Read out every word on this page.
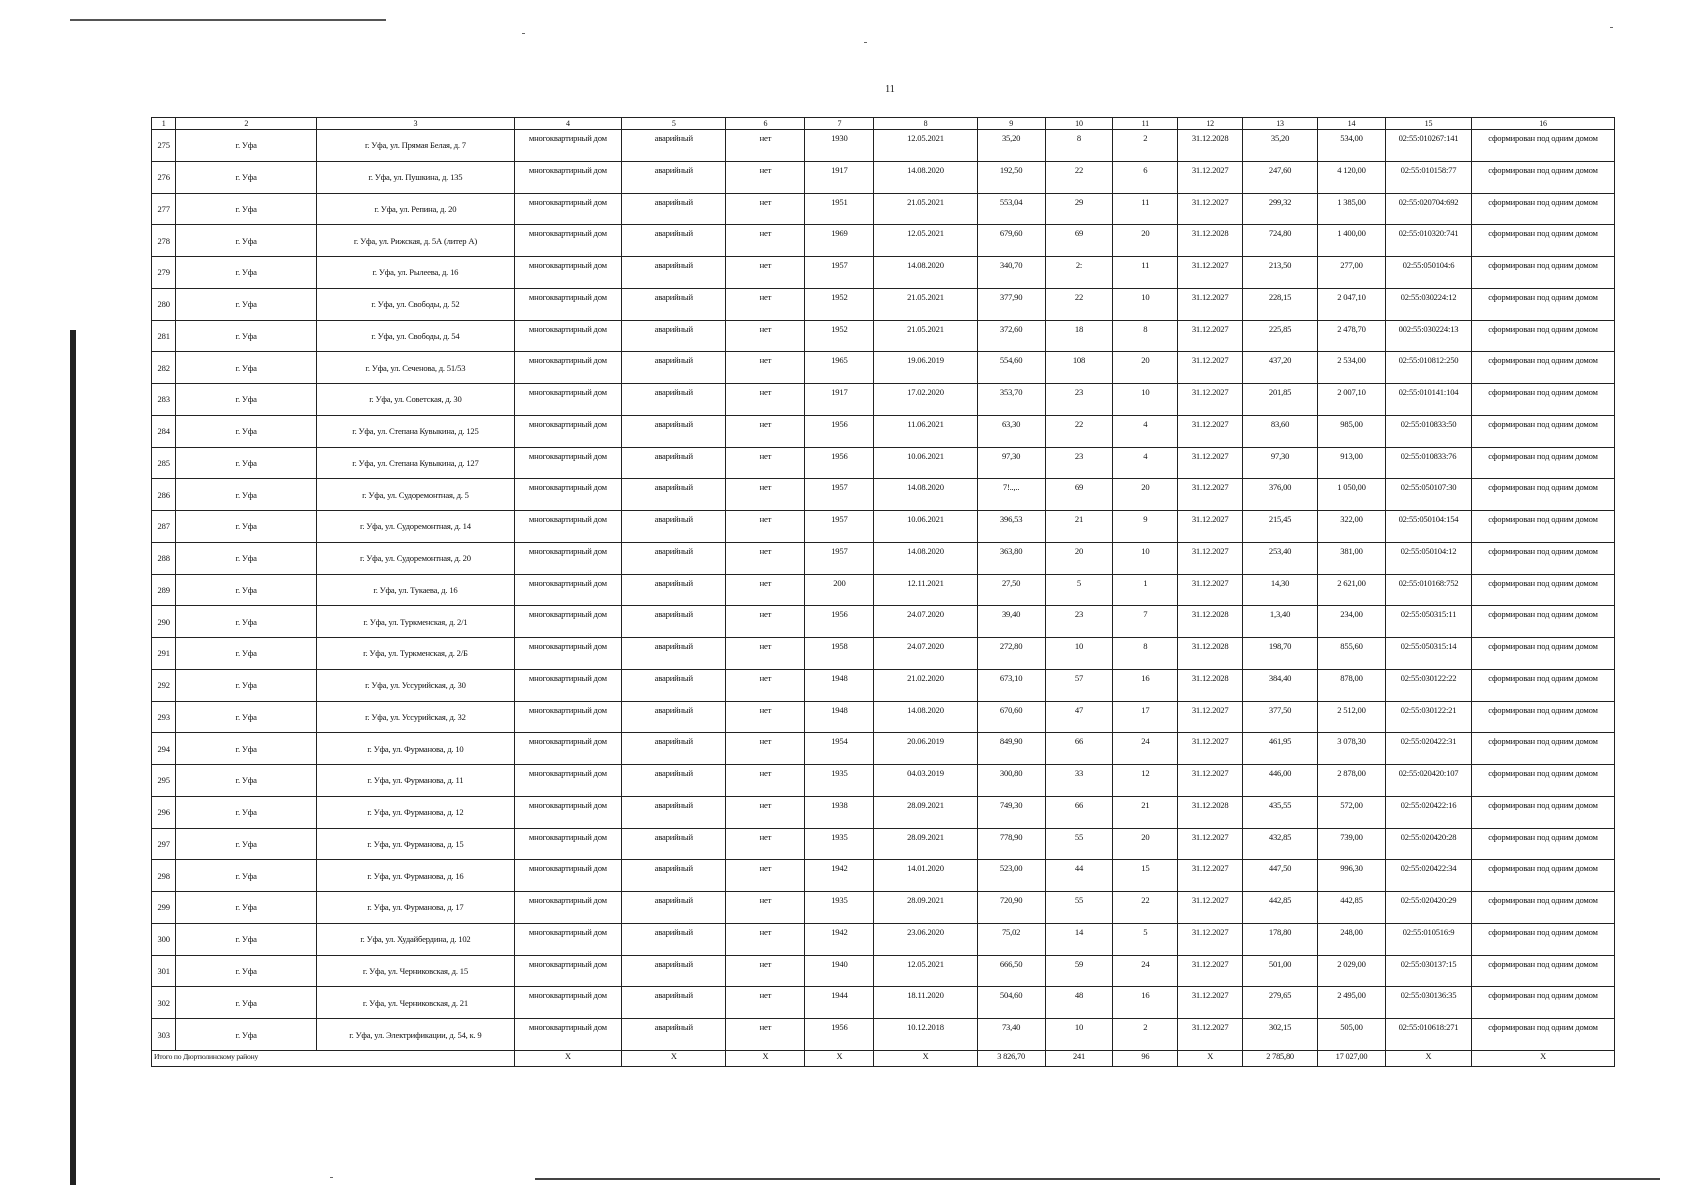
11
1	2	3	4	5	6	7	8	9	10	11	12	13	14	15	16
275	г. Уфа	г. Уфа, ул. Прямая Белая, д. 7	многоквартирный дом	аварийный	нет	1930	12.05.2021	35,20	8	2	31.12.2028	35,20	534,00	02:55:010267:141	сформирован под одним домом
276	г. Уфа	г. Уфа, ул. Пушкина, д. 135	многоквартирный дом	аварийный	нет	1917	14.08.2020	192,50	22	6	31.12.2027	247,60	4 120,00	02:55:010158:77	сформирован под одним домом
277	г. Уфа	г. Уфа, ул. Репина, д. 20	многоквартирный дом	аварийный	нет	1951	21.05.2021	553,04	29	11	31.12.2027	299,32	1 385,00	02:55:020704:692	сформирован под одним домом
278	г. Уфа	г. Уфа, ул. Рижская, д. 5А (литер А)	многоквартирный дом	аварийный	нет	1969	12.05.2021	679,60	69	20	31.12.2028	724,80	1 400,00	02:55:010320:741	сформирован под одним домом
279	г. Уфа	г. Уфа, ул. Рылеева, д. 16	многоквартирный дом	аварийный	нет	1957	14.08.2020	340,70	2:	11	31.12.2027	213,50	277,00	02:55:050104:6	сформирован под одним домом
280	г. Уфа	г. Уфа, ул. Свободы, д. 52	многоквартирный дом	аварийный	нет	1952	21.05.2021	377,90	22	10	31.12.2027	228,15	2 047,10	02:55:030224:12	сформирован под одним домом
281	г. Уфа	г. Уфа, ул. Свободы, д. 54	многоквартирный дом	аварийный	нет	1952	21.05.2021	372,60	18	8	31.12.2027	225,85	2 478,70	002:55:030224:13	сформирован под одним домом
282	г. Уфа	г. Уфа, ул. Сеченова, д. 51/53	многоквартирный дом	аварийный	нет	1965	19.06.2019	554,60	108	20	31.12.2027	437,20	2 534,00	02:55:010812:250	сформирован под одним домом
283	г. Уфа	г. Уфа, ул. Советская, д. 30	многоквартирный дом	аварийный	нет	1917	17.02.2020	353,70	23	10	31.12.2027	201,85	2 007,10	02:55:010141:104	сформирован под одним домом
284	г. Уфа	г. Уфа, ул. Степана Кувыкина, д. 125	многоквартирный дом	аварийный	нет	1956	11.06.2021	63,30	22	4	31.12.2027	83,60	985,00	02:55:010833:50	сформирован под одним домом
285	г. Уфа	г. Уфа, ул. Степана Кувыкина, д. 127	многоквартирный дом	аварийный	нет	1956	10.06.2021	97,30	23	4	31.12.2027	97,30	913,00	02:55:010833:76	сформирован под одним домом
286	г. Уфа	г. Уфа, ул. Судоремонтная, д. 5	многоквартирный дом	аварийный	нет	1957	14.08.2020	7!..,..	69	20	31.12.2027	376,00	1 050,00	02:55:050107:30	сформирован под одним домом
287	г. Уфа	г. Уфа, ул. Судоремонтная, д. 14	многоквартирный дом	аварийный	нет	1957	10.06.2021	396,53	21	9	31.12.2027	215,45	322,00	02:55:050104:154	сформирован под одним домом
288	г. Уфа	г. Уфа, ул. Судоремонтная, д. 20	многоквартирный дом	аварийный	нет	1957	14.08.2020	363,80	20	10	31.12.2027	253,40	381,00	02:55:050104:12	сформирован под одним домом
289	г. Уфа	г. Уфа, ул. Тукаева, д. 16	многоквартирный дом	аварийный	нет	200	12.11.2021	27,50	5	1	31.12.2027	14,30	2 621,00	02:55:010168:752	сформирован под одним домом
290	г. Уфа	г. Уфа, ул. Туркменская, д. 2/1	многоквартирный дом	аварийный	нет	1956	24.07.2020	39,40	23	7	31.12.2028	1,3,40	234,00	02:55:050315:11	сформирован под одним домом
291	г. Уфа	г. Уфа, ул. Туркменская, д. 2/Б	многоквартирный дом	аварийный	нет	1958	24.07.2020	272,80	10	8	31.12.2028	198,70	855,60	02:55:050315:14	сформирован под одним домом
292	г. Уфа	г. Уфа, ул. Уссурийская, д. 30	многоквартирный дом	аварийный	нет	1948	21.02.2020	673,10	57	16	31.12.2028	384,40	878,00	02:55:030122:22	сформирован под одним домом
293	г. Уфа	г. Уфа, ул. Уссурийская, д. 32	многоквартирный дом	аварийный	нет	1948	14.08.2020	670,60	47	17	31.12.2027	377,50	2 512,00	02:55:030122:21	сформирован под одним домом
294	г. Уфа	г. Уфа, ул. Фурманова, д. 10	многоквартирный дом	аварийный	нет	1954	20.06.2019	849,90	66	24	31.12.2027	461,95	3 078,30	02:55:020422:31	сформирован под одним домом
295	г. Уфа	г. Уфа, ул. Фурманова, д. 11	многоквартирный дом	аварийный	нет	1935	04.03.2019	300,80	33	12	31.12.2027	446,00	2 878,00	02:55:020420:107	сформирован под одним домом
296	г. Уфа	г. Уфа, ул. Фурманова, д. 12	многоквартирный дом	аварийный	нет	1938	28.09.2021	749,30	66	21	31.12.2028	435,55	572,00	02:55:020422:16	сформирован под одним домом
297	г. Уфа	г. Уфа, ул. Фурманова, д. 15	многоквартирный дом	аварийный	нет	1935	28.09.2021	778,90	55	20	31.12.2027	432,85	739,00	02:55:020420:28	сформирован под одним домом
298	г. Уфа	г. Уфа, ул. Фурманова, д. 16	многоквартирный дом	аварийный	нет	1942	14.01.2020	523,00	44	15	31.12.2027	447,50	996,30	02:55:020422:34	сформирован под одним домом
299	г. Уфа	г. Уфа, ул. Фурманова, д. 17	многоквартирный дом	аварийный	нет	1935	28.09.2021	720,90	55	22	31.12.2027	442,85	442,85	02:55:020420:29	сформирован под одним домом
300	г. Уфа	г. Уфа, ул. Худайбердина, д. 102	многоквартирный дом	аварийный	нет	1942	23.06.2020	75,02	14	5	31.12.2027	178,80	248,00	02:55:010516:9	сформирован под одним домом
301	г. Уфа	г. Уфа, ул. Черниковская, д. 15	многоквартирный дом	аварийный	нет	1940	12.05.2021	666,50	59	24	31.12.2027	501,00	2 029,00	02:55:030137:15	сформирован под одним домом
302	г. Уфа	г. Уфа, ул. Черниковская, д. 21	многоквартирный дом	аварийный	нет	1944	18.11.2020	504,60	48	16	31.12.2027	279,65	2 495,00	02:55:030136:35	сформирован под одним домом
303	г. Уфа	г. Уфа, ул. Электрификации, д. 54, к. 9	многоквартирный дом	аварийный	нет	1956	10.12.2018	73,40	10	2	31.12.2027	302,15	505,00	02:55:010618:271	сформирован под одним домом
Итого по Дюртюлинскому району			X	X	X	X	X	3 826,70	241	96	X	2 785,80	17 027,00	X	X
